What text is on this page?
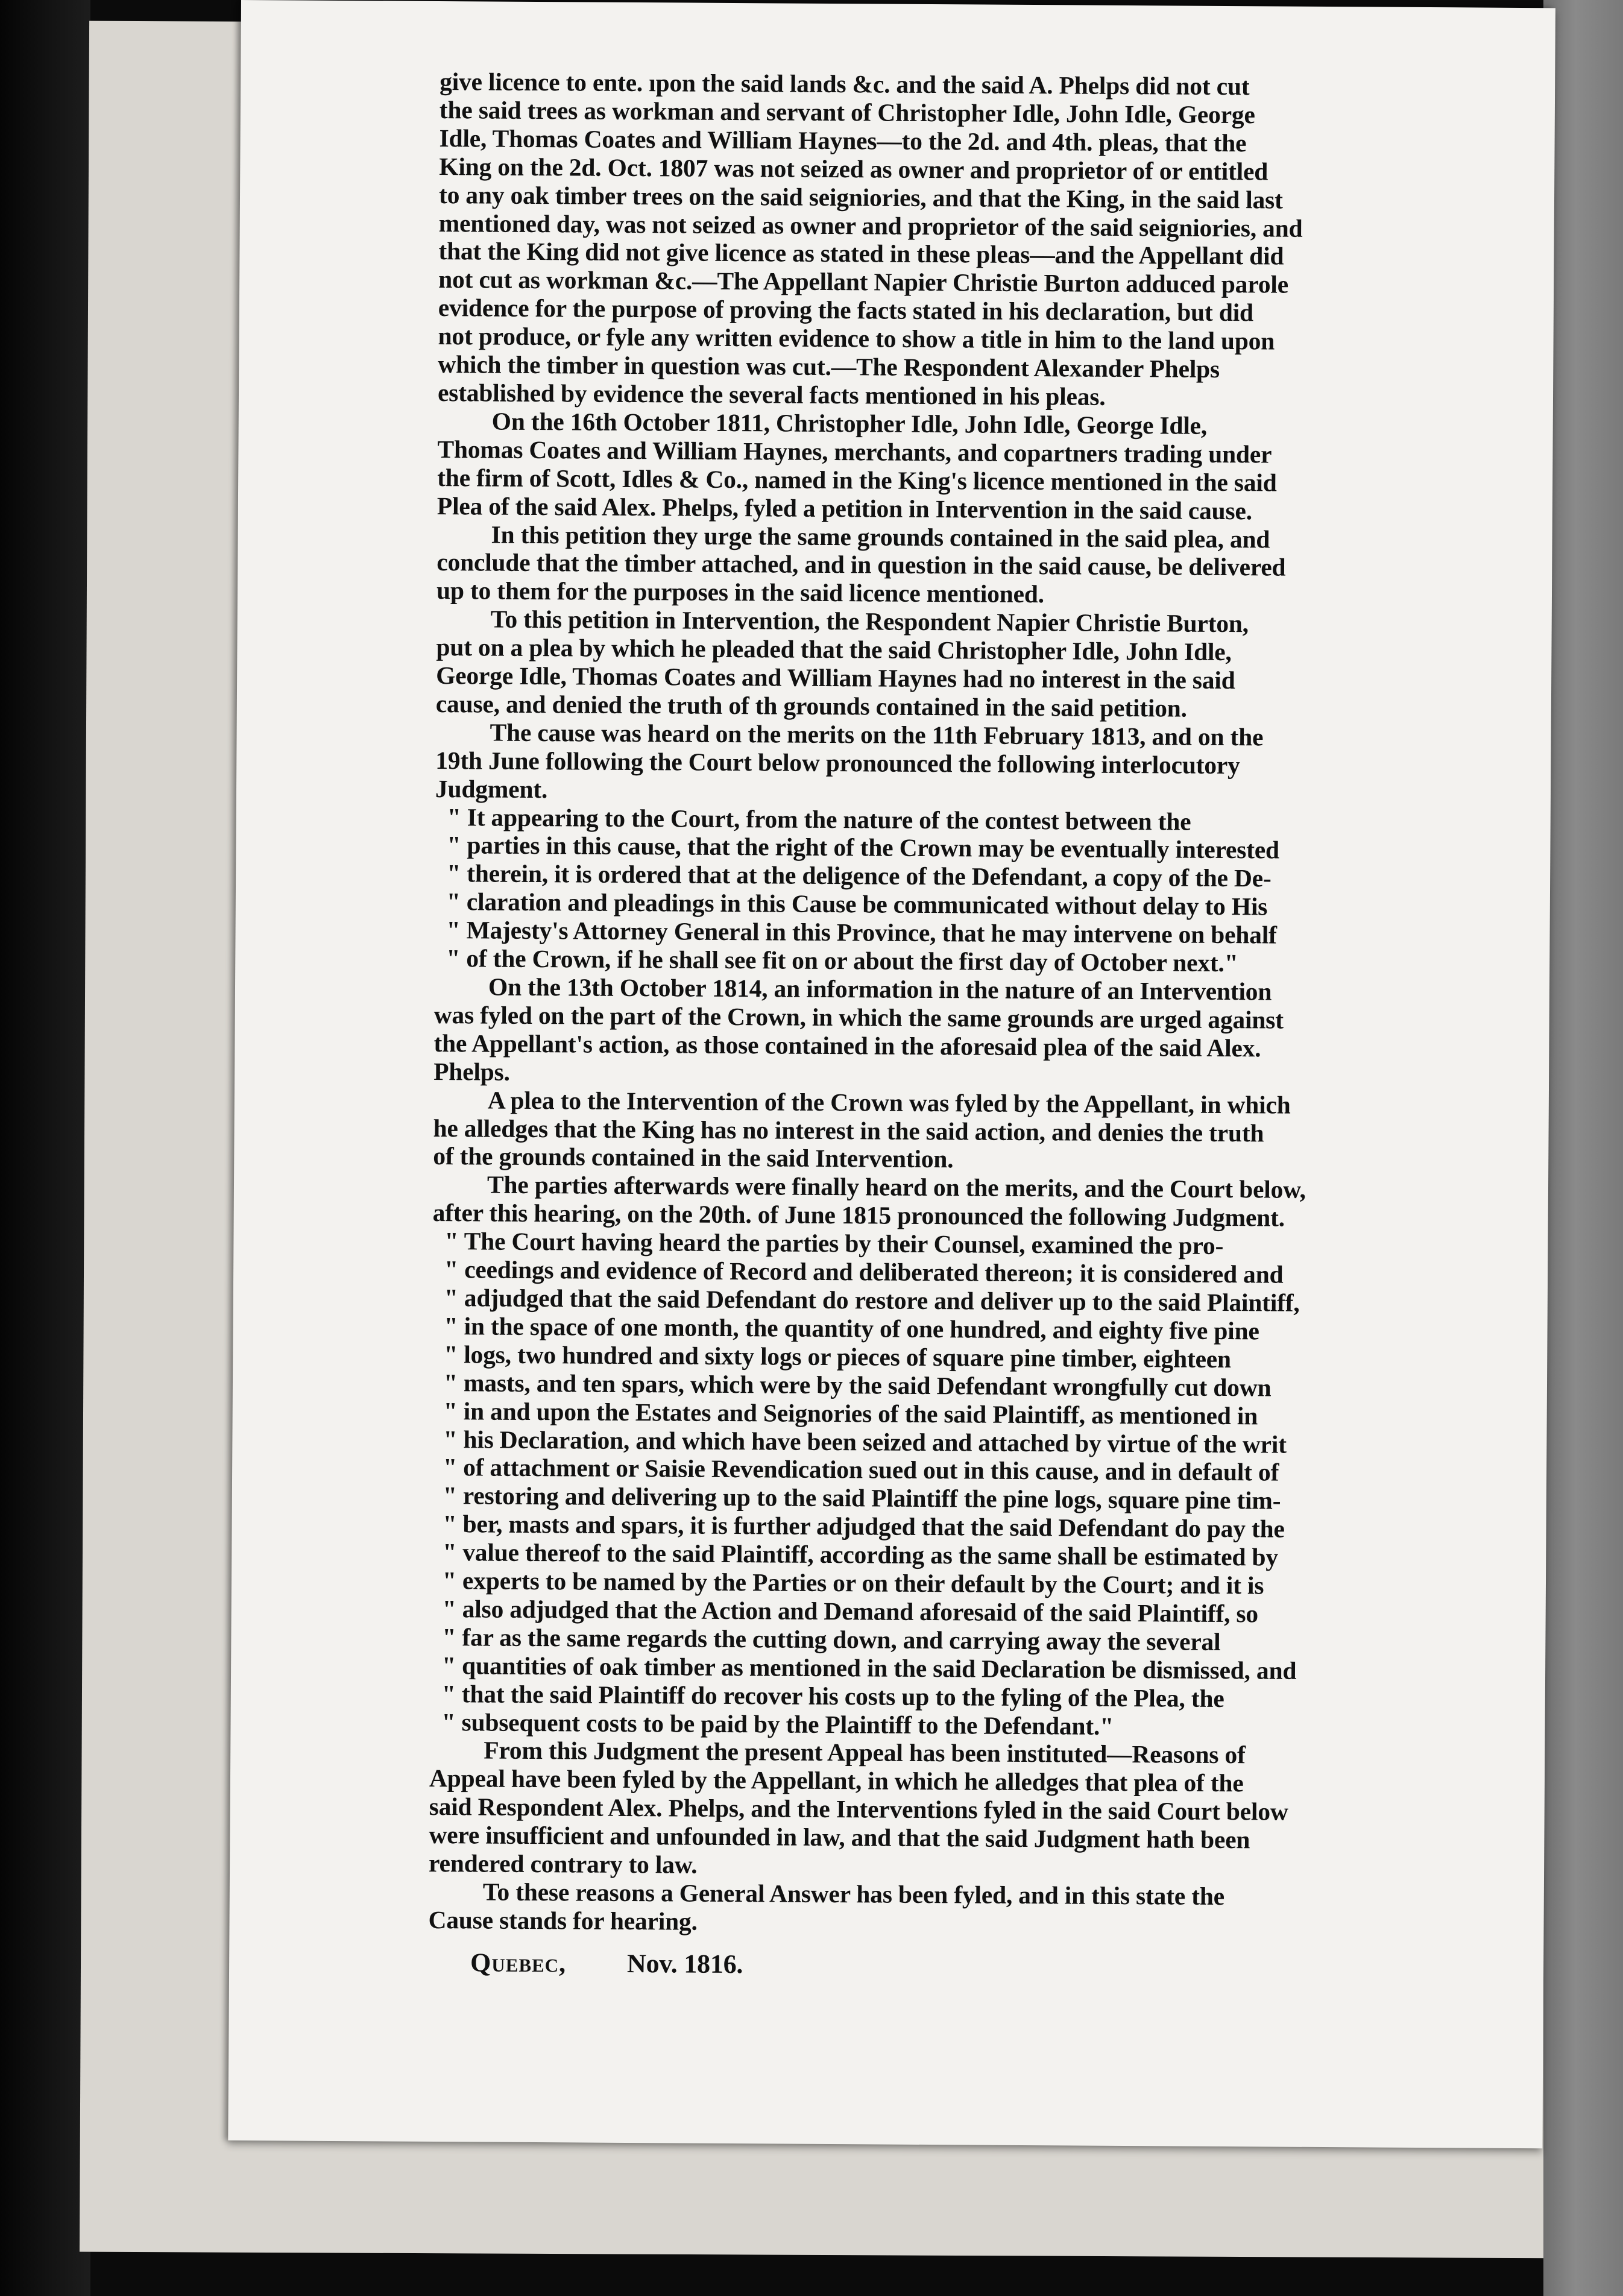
give licence to ente. ıpon the said lands &c. and the said A. Phelps did not cut
the said trees as workman and servant of Christopher Idle, John Idle, George
Idle, Thomas Coates and William Haynes—to the 2d. and 4th. pleas, that the
King on the 2d. Oct. 1807 was not seized as owner and proprietor of or entitled
to any oak timber trees on the said seigniories, and that the King, in the said last
mentioned day, was not seized as owner and proprietor of the said seigniories, and
that the King did not give licence as stated in these pleas—and the Appellant did
not cut as workman &c.—The Appellant Napier Christie Burton adduced parole
evidence for the purpose of proving the facts stated in his declaration, but did
not produce, or fyle any written evidence to show a title in him to the land upon
which the timber in question was cut.—The Respondent Alexander Phelps
established by evidence the several facts mentioned in his pleas.
On the 16th October 1811, Christopher Idle, John Idle, George Idle,
Thomas Coates and William Haynes, merchants, and copartners trading under
the firm of Scott, Idles & Co., named in the King's licence mentioned in the said
Plea of the said Alex. Phelps, fyled a petition in Intervention in the said cause.
In this petition they urge the same grounds contained in the said plea, and
conclude that the timber attached, and in question in the said cause, be delivered
up to them for the purposes in the said licence mentioned.
To this petition in Intervention, the Respondent Napier Christie Burton,
put on a plea by which he pleaded that the said Christopher Idle, John Idle,
George Idle, Thomas Coates and William Haynes had no interest in the said
cause, and denied the truth of th grounds contained in the said petition.
The cause was heard on the merits on the 11th February 1813, and on the
19th June following the Court below pronounced the following interlocutory
Judgment.
" It appearing to the Court, from the nature of the contest between the
" parties in this cause, that the right of the Crown may be eventually interested
" therein, it is ordered that at the deligence of the Defendant, a copy of the De-
" claration and pleadings in this Cause be communicated without delay to His
" Majesty's Attorney General in this Province, that he may intervene on behalf
" of the Crown, if he shall see fit on or about the first day of October next."
On the 13th October 1814, an information in the nature of an Intervention
was fyled on the part of the Crown, in which the same grounds are urged against
the Appellant's action, as those contained in the aforesaid plea of the said Alex.
Phelps.
A plea to the Intervention of the Crown was fyled by the Appellant, in which
he alledges that the King has no interest in the said action, and denies the truth
of the grounds contained in the said Intervention.
The parties afterwards were finally heard on the merits, and the Court below,
after this hearing, on the 20th. of June 1815 pronounced the following Judgment.
" The Court having heard the parties by their Counsel, examined the pro-
" ceedings and evidence of Record and deliberated thereon; it is considered and
" adjudged that the said Defendant do restore and deliver up to the said Plaintiff,
" in the space of one month, the quantity of one hundred, and eighty five pine
" logs, two hundred and sixty logs or pieces of square pine timber, eighteen
" masts, and ten spars, which were by the said Defendant wrongfully cut down
" in and upon the Estates and Seignories of the said Plaintiff, as mentioned in
" his Declaration, and which have been seized and attached by virtue of the writ
" of attachment or Saisie Revendication sued out in this cause, and in default of
" restoring and delivering up to the said Plaintiff the pine logs, square pine tim-
" ber, masts and spars, it is further adjudged that the said Defendant do pay the
" value thereof to the said Plaintiff, according as the same shall be estimated by
" experts to be named by the Parties or on their default by the Court; and it is
" also adjudged that the Action and Demand aforesaid of the said Plaintiff, so
" far as the same regards the cutting down, and carrying away the several
" quantities of oak timber as mentioned in the said Declaration be dismissed, and
" that the said Plaintiff do recover his costs up to the fyling of the Plea, the
" subsequent costs to be paid by the Plaintiff to the Defendant."
From this Judgment the present Appeal has been instituted—Reasons of
Appeal have been fyled by the Appellant, in which he alledges that plea of the
said Respondent Alex. Phelps, and the Interventions fyled in the said Court below
were insufficient and unfounded in law, and that the said Judgment hath been
rendered contrary to law.
To these reasons a General Answer has been fyled, and in this state the
Cause stands for hearing.
Quebec, Nov. 1816.
